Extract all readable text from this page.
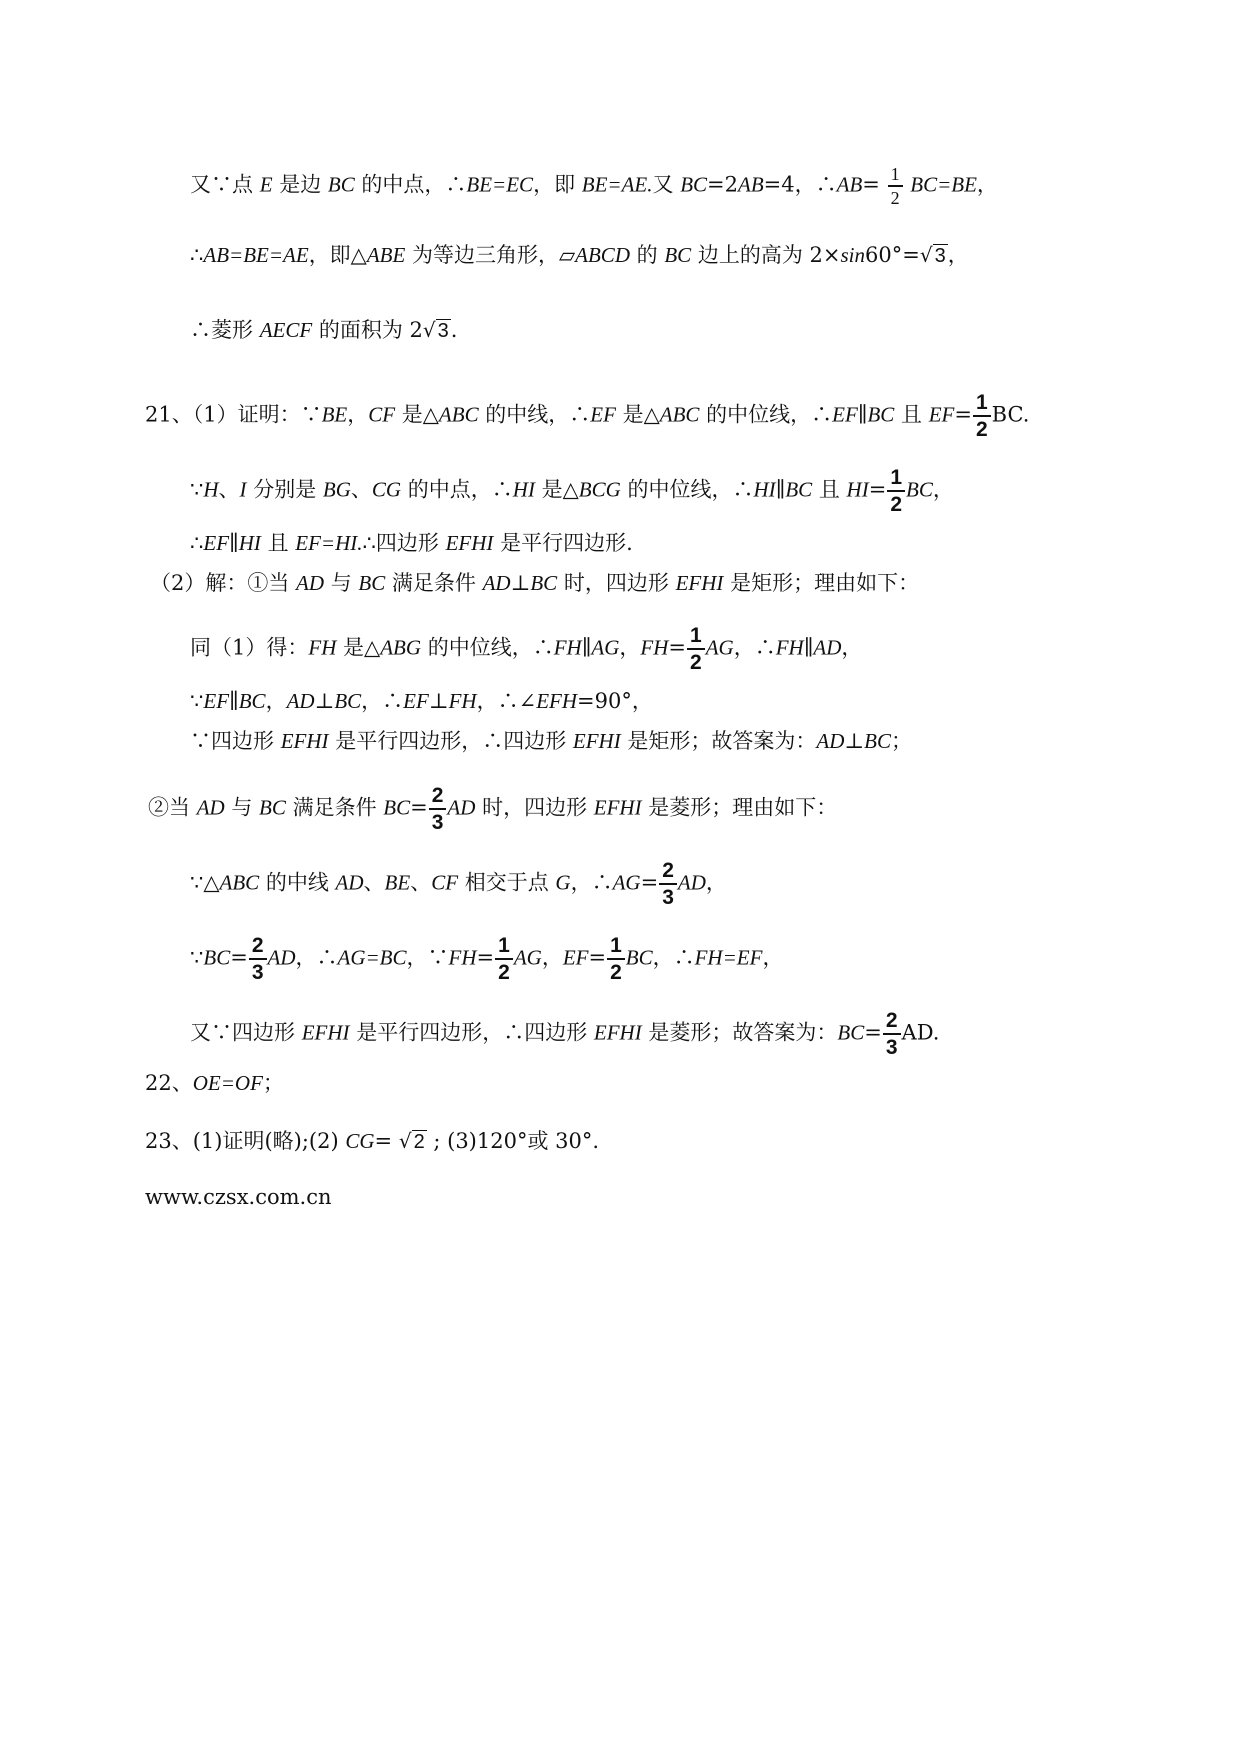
又∵点 E 是边 BC 的中点，∴BE=EC，即 BE=AE.又 BC=2AB=4，∴AB= $\frac{1}{2} BC=BE$，
∴AB=BE=AE，即△ABE 为等边三角形，▱ABCD 的 BC 边上的高为 2×sin60°=√ 3，
∴菱形 AECF 的面积为 2√ 3.
21、（1）证明：∵BE，CF 是△ABC 的中线，∴EF 是△ABC 的中位线，∴EF∥BC 且 $EF= \frac{1}{2}$ BC.
∵H、I 分别是 BG、CG 的中点，∴HI 是△BCG 的中位线，∴HI∥BC 且 $HI= \frac{1}{2}$ BC，
∴EF∥HI 且 EF=HI.∴四边形 EFHI 是平行四边形.
（2）解：①当 AD 与 BC 满足条件 AD⊥BC 时，四边形 EFHI 是矩形；理由如下：
同（1）得：FH 是△ABG 的中位线，∴FH∥AG，$FH= \frac{1}{2}$ AG，∴FH∥AD，
∵EF∥BC，AD⊥BC，∴EF⊥FH，∴∠EFH=90°，
∵四边形 EFHI 是平行四边形，∴四边形 EFHI 是矩形；故答案为：AD⊥BC；
②当 AD 与 BC 满足条件 $BC= \frac{2}{3}$ AD 时，四边形 EFHI 是菱形；理由如下：
∵△ABC 的中线 AD、BE、CF 相交于点 G，∴AG= $\frac{2}{3}$ AD，
∵BC= $\frac{2}{3}$ AD，∴AG=BC，∵FH= $\frac{1}{2}$ AG，$EF= \frac{1}{2}$ BC，∴FH=EF，
又∵四边形 EFHI 是平行四边形，∴四边形 EFHI 是菱形；故答案为：$BC= \frac{2}{3}$ AD.
22、OE=OF；
23、(1)证明(略);(2) CG= √ 2 ; (3)120°或 30°.
www.czsx.com.cn
